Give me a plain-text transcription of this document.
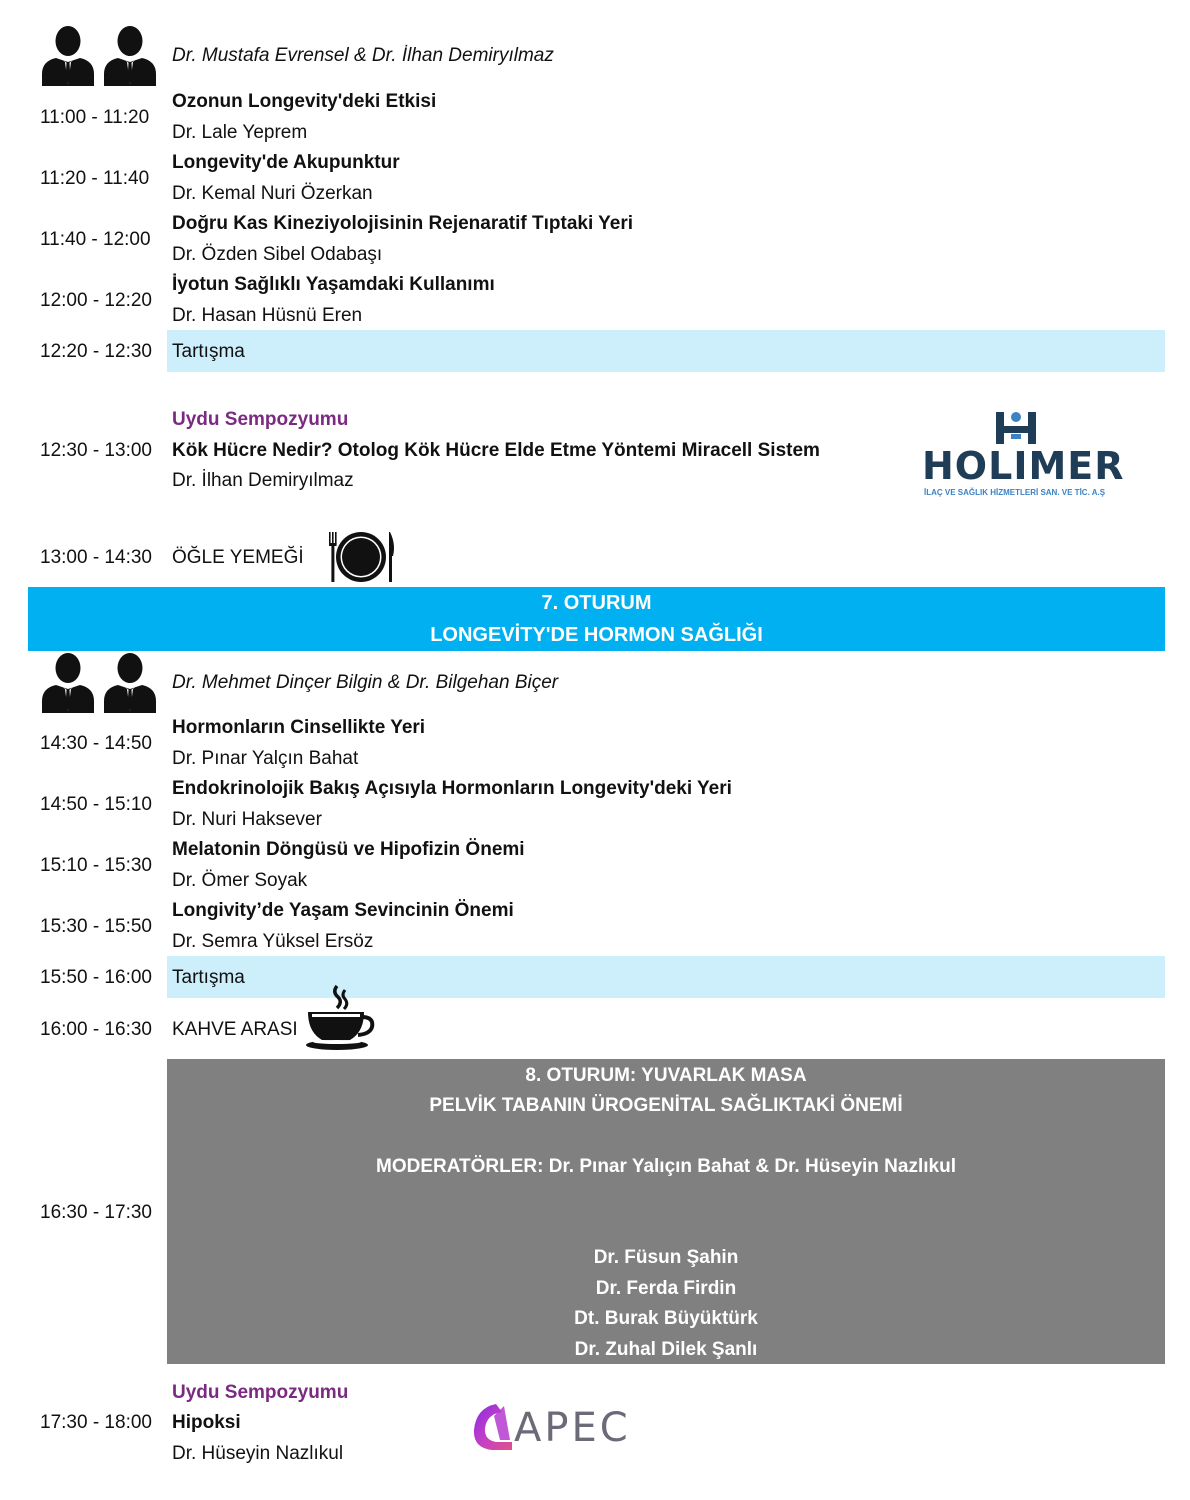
Dr. Mustafa Evrensel & Dr. İlhan Demiryılmaz
11:00 - 11:20
Ozonun Longevity'deki Etkisi
Dr. Lale Yeprem
11:20 - 11:40
Longevity'de Akupunktur
Dr. Kemal Nuri Özerkan
11:40 - 12:00
Doğru Kas Kineziyolojisinin Rejenaratif Tıptaki Yeri
Dr. Özden Sibel Odabaşı
12:00 - 12:20
İyotun Sağlıklı Yaşamdaki Kullanımı
Dr. Hasan Hüsnü Eren
12:20 - 12:30 Tartışma
Uydu Sempozyumu
12:30 - 13:00 Kök Hücre Nedir? Otolog Kök Hücre Elde Etme Yöntemi Miracell Sistem
Dr. İlhan Demiryılmaz	HOLIMER
İLAÇ VE SAĞLIK HİZMETLERİ SAN. VE TİC. A.Ş
13:00 - 14:30 ÖĞLE YEMEĞİ
7. OTURUM
LONGEVİTY'DE HORMON SAĞLIĞI
Dr. Mehmet Dinçer Bilgin & Dr. Bilgehan Biçer
14:30 - 14:50
Hormonların Cinsellikte Yeri
Dr. Pınar Yalçın Bahat
14:50 - 15:10
Endokrinolojik Bakış Açısıyla Hormonların Longevity'deki Yeri
Dr. Nuri Haksever
15:10 - 15:30
Melatonin Döngüsü ve Hipofizin Önemi
Dr. Ömer Soyak
15:30 - 15:50
Longivity’de Yaşam Sevincinin Önemi
Dr. Semra Yüksel Ersöz
15:50 - 16:00 Tartışma
16:00 - 16:30 KAHVE ARASI
16:30 - 17:30
8. OTURUM: YUVARLAK MASA
PELVİK TABANIN ÜROGENİTAL SAĞLIKTAKİ ÖNEMİ
MODERATÖRLER: Dr. Pınar Yalıçın Bahat & Dr. Hüseyin Nazlıkul
Dr. Füsun Şahin
Dr. Ferda Firdin
Dt. Burak Büyüktürk
Dr. Zuhal Dilek Şanlı
Dr. Selcen Bahadır
Uydu Sempozyumu
17:30 - 18:00 Hipoksi
Dr. Hüseyin Nazlıkul
APEC
